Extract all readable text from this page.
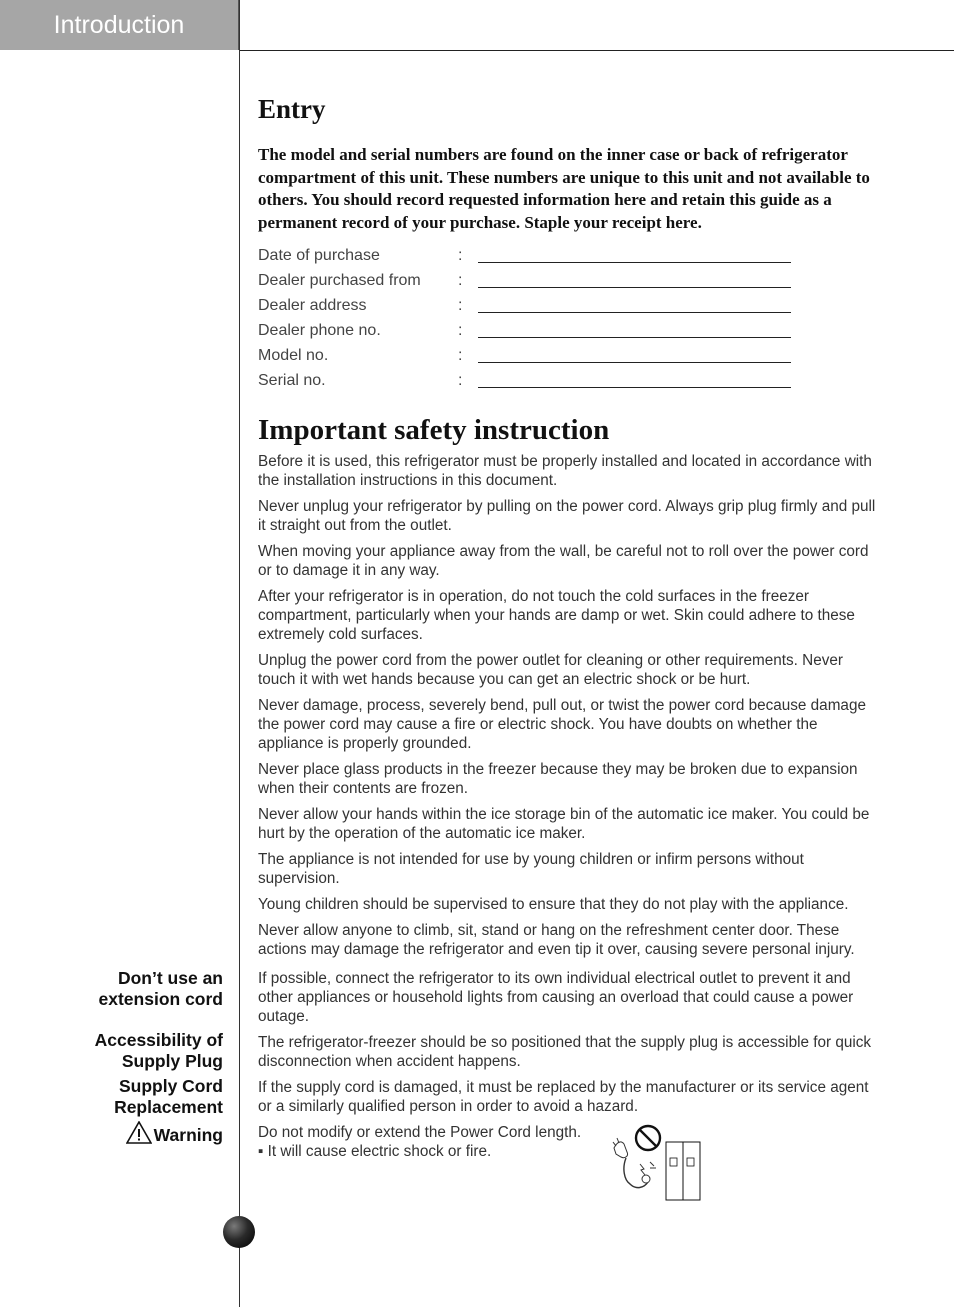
Introduction
Entry

The model and serial numbers are found on the inner case or back of refrigerator compartment of this unit. These numbers are unique to this unit and not available to others. You should record requested information here and retain this guide as a permanent record of your purchase. Staple your receipt here.

Date of purchase	:
Dealer purchased from	:
Dealer address	:
Dealer phone no.	:
Model no.	:
Serial no.	:
Important safety instruction

Before it is used, this refrigerator must be properly installed and located in accordance with the installation instructions in this document.

Never unplug your refrigerator by pulling on the power cord. Always grip plug firmly and pull it straight out from the outlet.

When moving your appliance away from the wall, be careful not to roll over the power cord or to damage it in any way.

After your refrigerator is in operation, do not touch the cold surfaces in the freezer compartment, particularly when your hands are damp or wet. Skin could adhere to these extremely cold surfaces.

Unplug the power cord from the power outlet for cleaning or other requirements. Never touch it with wet hands because you can get an electric shock or be hurt.

Never damage, process, severely bend, pull out, or twist the power cord because damage the power cord may cause a fire or electric shock. You have doubts on whether the appliance is properly grounded.

Never place glass products in the freezer because they may be broken due to expansion when their contents are frozen.

Never allow your hands within the ice storage bin of the automatic ice maker. You could be hurt by the operation of the automatic ice maker.

The appliance is not intended for use by young children or infirm persons without supervision.

Young children should be supervised to ensure that they do not play with the appliance.

Never allow anyone to climb, sit, stand or hang on the refreshment center door. These actions may damage the refrigerator and even tip it over, causing severe personal injury.

If possible, connect the refrigerator to its own individual electrical outlet to prevent it and other appliances or household lights from causing an overload that could cause a power outage.

The refrigerator-freezer should be so positioned that the supply plug is accessible for quick disconnection when accident happens.

If the supply cord is damaged, it must be replaced by the manufacturer or its service agent or a similarly qualified person in order to avoid a hazard.

Do not modify or extend the Power Cord length.
▪ It will cause electric shock or fire.
Don’t use an
extension cord
Accessibility of
Supply Plug
Supply Cord
Replacement
Warning
